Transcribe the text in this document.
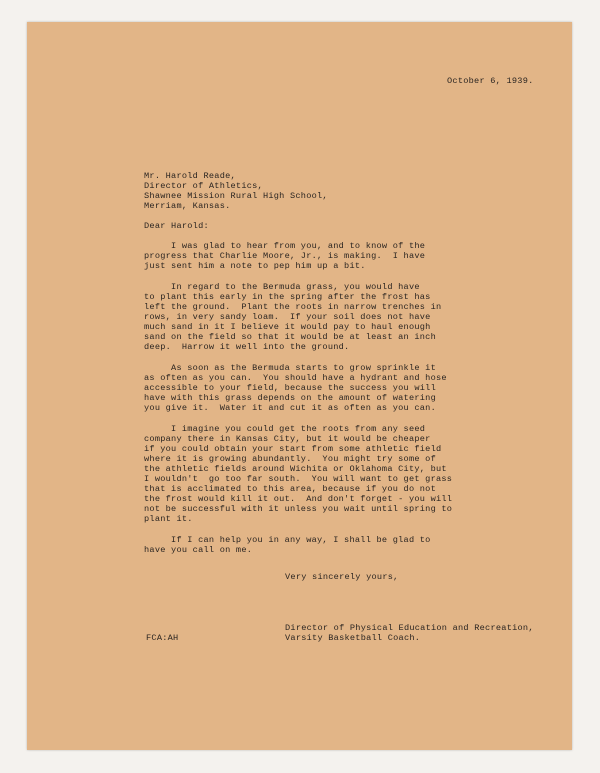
October 6, 1939.
Mr. Harold Reade,
Director of Athletics,
Shawnee Mission Rural High School,
Merriam, Kansas.
Dear Harold:
I was glad to hear from you, and to know of the
progress that Charlie Moore, Jr., is making.  I have
just sent him a note to pep him up a bit.
In regard to the Bermuda grass, you would have
to plant this early in the spring after the frost has
left the ground.  Plant the roots in narrow trenches in
rows, in very sandy loam.  If your soil does not have
much sand in it I believe it would pay to haul enough
sand on the field so that it would be at least an inch
deep.  Harrow it well into the ground.
As soon as the Bermuda starts to grow sprinkle it
as often as you can.  You should have a hydrant and hose
accessible to your field, because the success you will
have with this grass depends on the amount of watering
you give it.  Water it and cut it as often as you can.
I imagine you could get the roots from any seed
company there in Kansas City, but it would be cheaper
if you could obtain your start from some athletic field
where it is growing abundantly.  You might try some of
the athletic fields around Wichita or Oklahoma City, but
I wouldn't  go too far south.  You will want to get grass
that is acclimated to this area, because if you do not
the frost would kill it out.  And don't forget - you will
not be successful with it unless you wait until spring to
plant it.
If I can help you in any way, I shall be glad to
have you call on me.
Very sincerely yours,
Director of Physical Education and Recreation,
Varsity Basketball Coach.
FCA:AH
